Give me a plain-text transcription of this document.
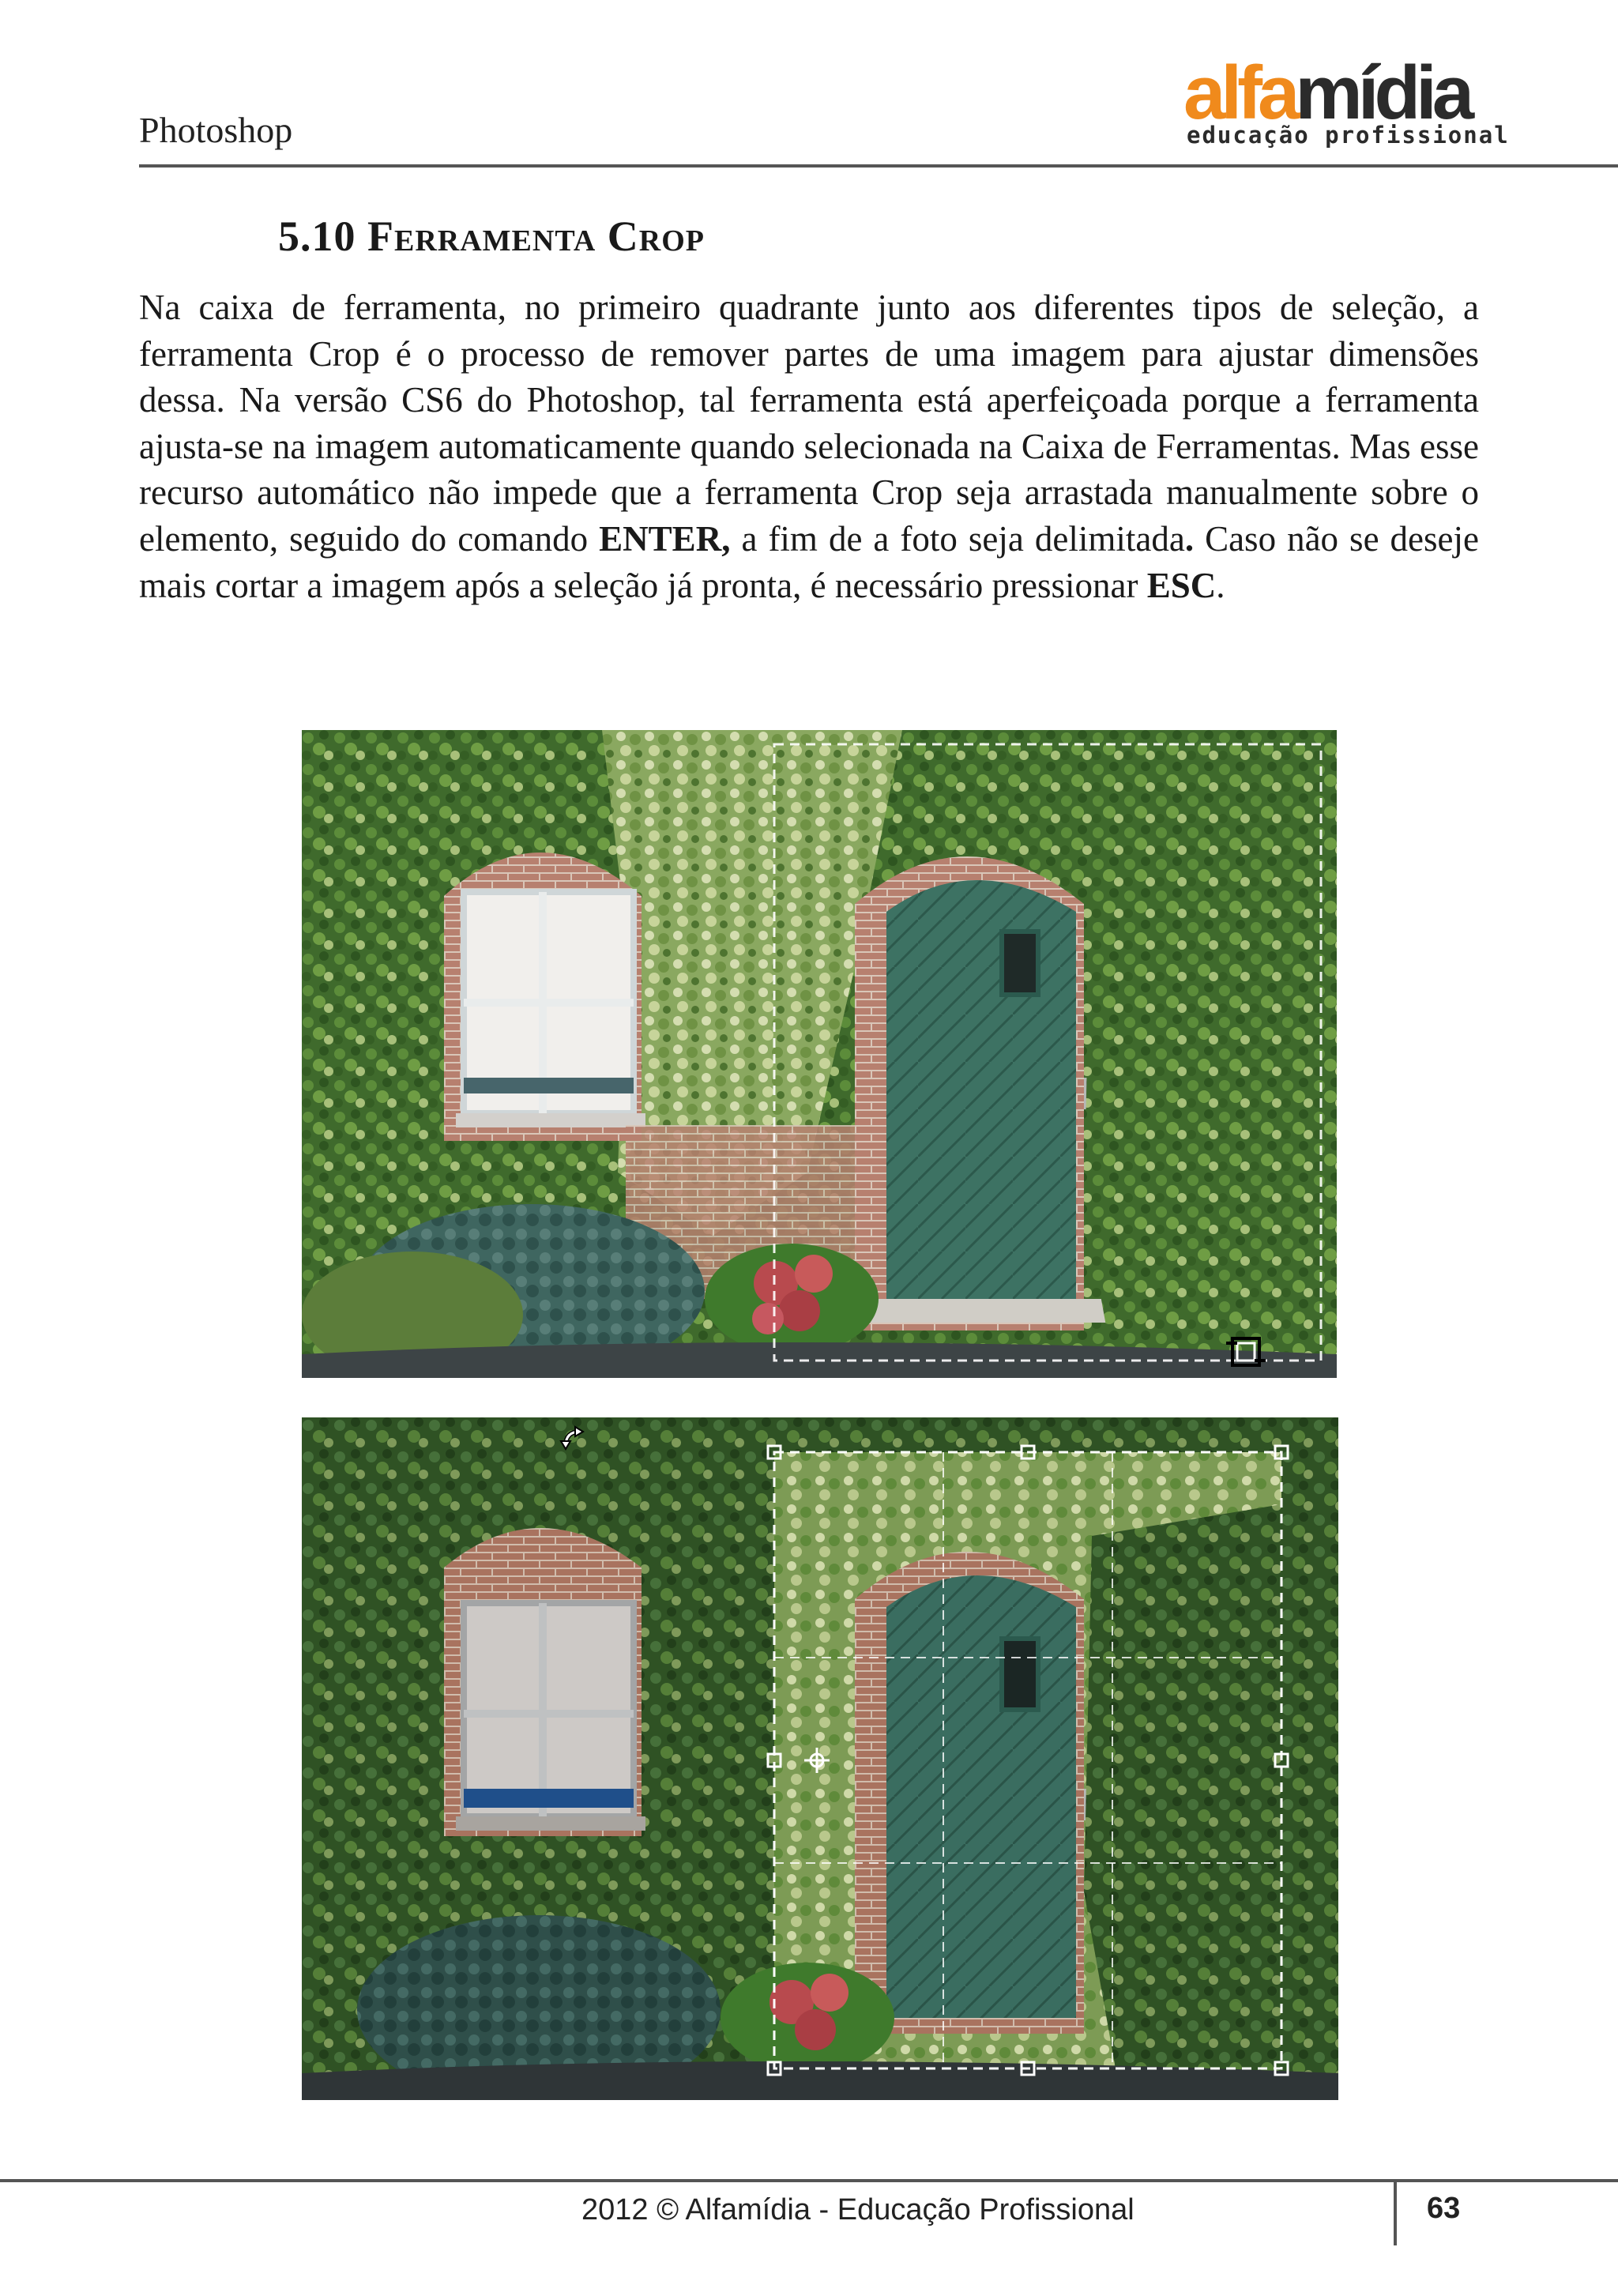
Photoshop	alfamídia
educação profissional
5.10 Ferramenta Crop
Na caixa de ferramenta, no primeiro quadrante junto aos diferentes tipos de seleção, a ferramenta Crop é o processo de remover partes de uma imagem para ajustar dimensões dessa. Na versão CS6 do Photoshop, tal ferramenta está aperfeiçoada porque a ferramenta ajusta-se na imagem automaticamente quando selecionada na Caixa de Ferramentas. Mas esse recurso automático não impede que a ferramenta Crop seja arrastada manualmente sobre o elemento, seguido do comando ENTER, a fim de a foto seja delimitada. Caso não se deseje mais cortar a imagem após a seleção já pronta, é necessário pressionar ESC.
2012 © Alfamídia - Educação Profissional	63
